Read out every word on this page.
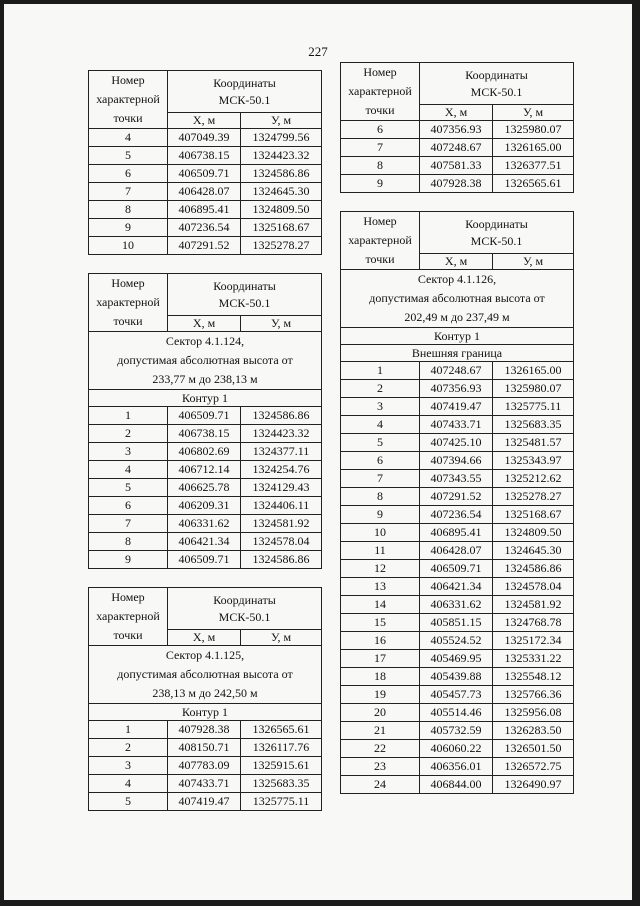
227
Номер
характерной
точки	Координаты
МСК-50.1	
	Х, м	У, м
4	407049.39	1324799.56
5	406738.15	1324423.32
6	406509.71	1324586.86
7	406428.07	1324645.30
8	406895.41	1324809.50
9	407236.54	1325168.67
10	407291.52	1325278.27
Номер
характерной
точки	Координаты
МСК-50.1	
	Х, м	У, м
Сектор 4.1.124,
допустимая абсолютная высота от
233,77 м до 238,13 м		
Контур 1		
1	406509.71	1324586.86
2	406738.15	1324423.32
3	406802.69	1324377.11
4	406712.14	1324254.76
5	406625.78	1324129.43
6	406209.31	1324406.11
7	406331.62	1324581.92
8	406421.34	1324578.04
9	406509.71	1324586.86
Номер
характерной
точки	Координаты
МСК-50.1	
	Х, м	У, м
Сектор 4.1.125,
допустимая абсолютная высота от
238,13 м до 242,50 м		
Контур 1		
1	407928.38	1326565.61
2	408150.71	1326117.76
3	407783.09	1325915.61
4	407433.71	1325683.35
5	407419.47	1325775.11
Номер
характерной
точки	Координаты
МСК-50.1	
	Х, м	У, м
6	407356.93	1325980.07
7	407248.67	1326165.00
8	407581.33	1326377.51
9	407928.38	1326565.61
Номер
характерной
точки	Координаты
МСК-50.1	
	Х, м	У, м
Сектор 4.1.126,
допустимая абсолютная высота от
202,49 м до 237,49 м		
Контур 1		
Внешняя граница		
1	407248.67	1326165.00
2	407356.93	1325980.07
3	407419.47	1325775.11
4	407433.71	1325683.35
5	407425.10	1325481.57
6	407394.66	1325343.97
7	407343.55	1325212.62
8	407291.52	1325278.27
9	407236.54	1325168.67
10	406895.41	1324809.50
11	406428.07	1324645.30
12	406509.71	1324586.86
13	406421.34	1324578.04
14	406331.62	1324581.92
15	405851.15	1324768.78
16	405524.52	1325172.34
17	405469.95	1325331.22
18	405439.88	1325548.12
19	405457.73	1325766.36
20	405514.46	1325956.08
21	405732.59	1326283.50
22	406060.22	1326501.50
23	406356.01	1326572.75
24	406844.00	1326490.97
